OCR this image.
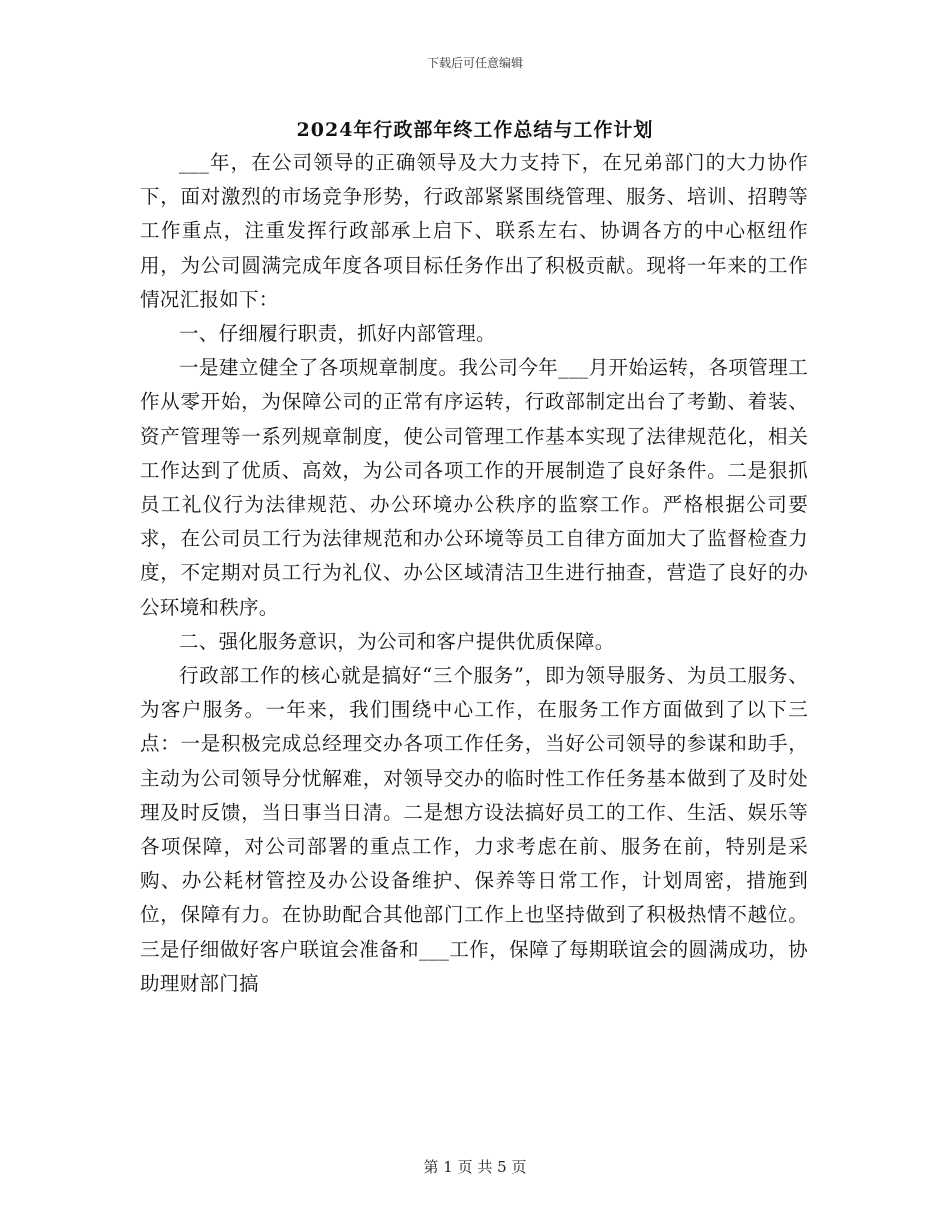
下载后可任意编辑
2024年行政部年终工作总结与工作计划

___年，在公司领导的正确领导及大力支持下，在兄弟部门的大力协作下，面对激烈的市场竞争形势，行政部紧紧围绕管理、服务、培训、招聘等工作重点，注重发挥行政部承上启下、联系左右、协调各方的中心枢纽作用，为公司圆满完成年度各项目标任务作出了积极贡献。现将一年来的工作情况汇报如下：

一、仔细履行职责，抓好内部管理。

一是建立健全了各项规章制度。我公司今年___月开始运转，各项管理工作从零开始，为保障公司的正常有序运转，行政部制定出台了考勤、着装、资产管理等一系列规章制度，使公司管理工作基本实现了法律规范化，相关工作达到了优质、高效，为公司各项工作的开展制造了良好条件。二是狠抓员工礼仪行为法律规范、办公环境办公秩序的监察工作。严格根据公司要求，在公司员工行为法律规范和办公环境等员工自律方面加大了监督检查力度，不定期对员工行为礼仪、办公区域清洁卫生进行抽查，营造了良好的办公环境和秩序。

二、强化服务意识，为公司和客户提供优质保障。

行政部工作的核心就是搞好“三个服务”，即为领导服务、为员工服务、为客户服务。一年来，我们围绕中心工作，在服务工作方面做到了以下三点：一是积极完成总经理交办各项工作任务，当好公司领导的参谋和助手，主动为公司领导分忧解难，对领导交办的临时性工作任务基本做到了及时处理及时反馈，当日事当日清。二是想方设法搞好员工的工作、生活、娱乐等各项保障，对公司部署的重点工作，力求考虑在前、服务在前，特别是采购、办公耗材管控及办公设备维护、保养等日常工作，计划周密，措施到位，保障有力。在协助配合其他部门工作上也坚持做到了积极热情不越位。三是仔细做好客户联谊会准备和___工作，保障了每期联谊会的圆满成功，协助理财部门搞

第 1 页 共 5 页
